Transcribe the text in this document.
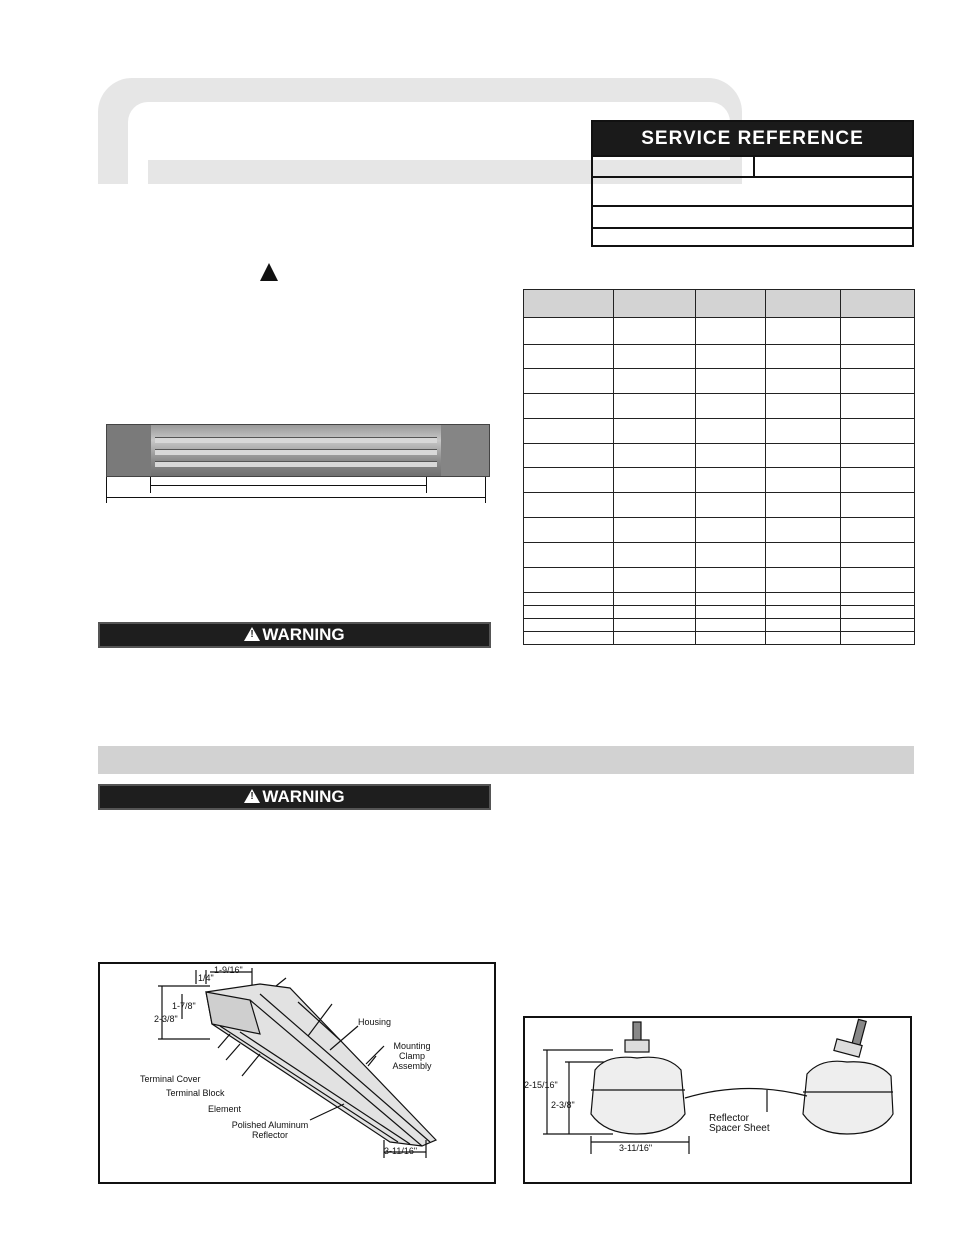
SERVICE REFERENCE

!WARNING
!WARNING
1/4"
1-9/16"
1-7/8"
2-3/8"	Housing
Mounting Clamp Assembly
Terminal Cover
Terminal Block
Element
Polished Aluminum Reflector
3-11/16"
2-15/16"
2-3/8"
3-11/16"
Reflector Spacer Sheet
